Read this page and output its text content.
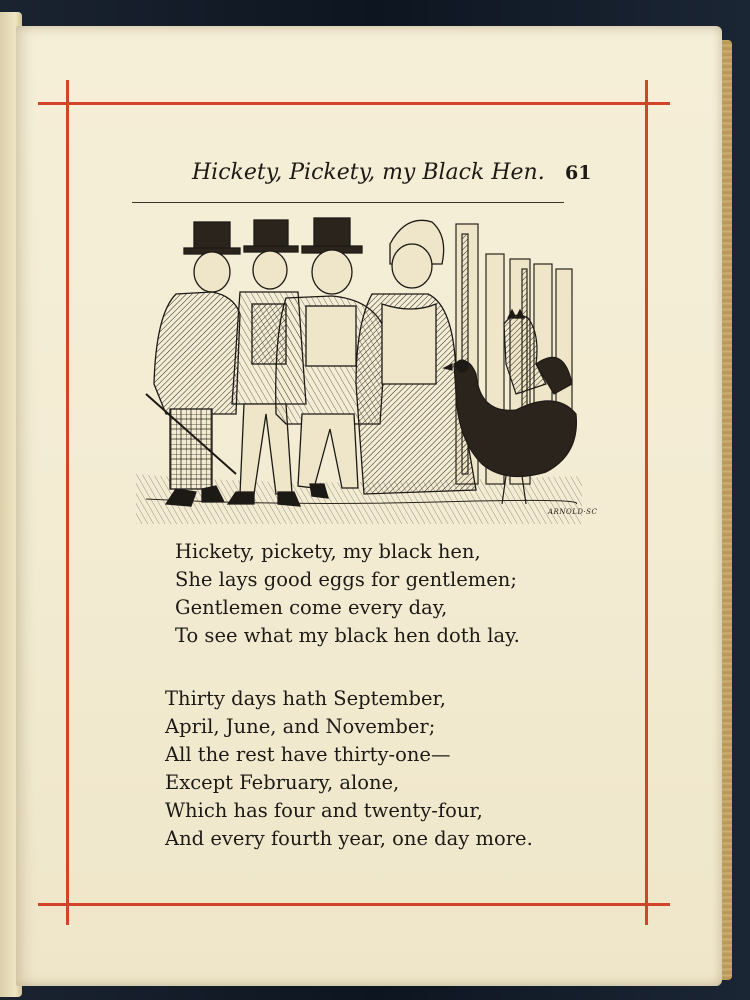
Hickety, Pickety, my Black Hen. 61
ARNOLD·SC
Hickety, pickety, my black hen,
She lays good eggs for gentlemen;
Gentlemen come every day,
To see what my black hen doth lay.
Thirty days hath September,
April, June, and November;
All the rest have thirty-one—
Except February, alone,
Which has four and twenty-four,
And every fourth year, one day more.
